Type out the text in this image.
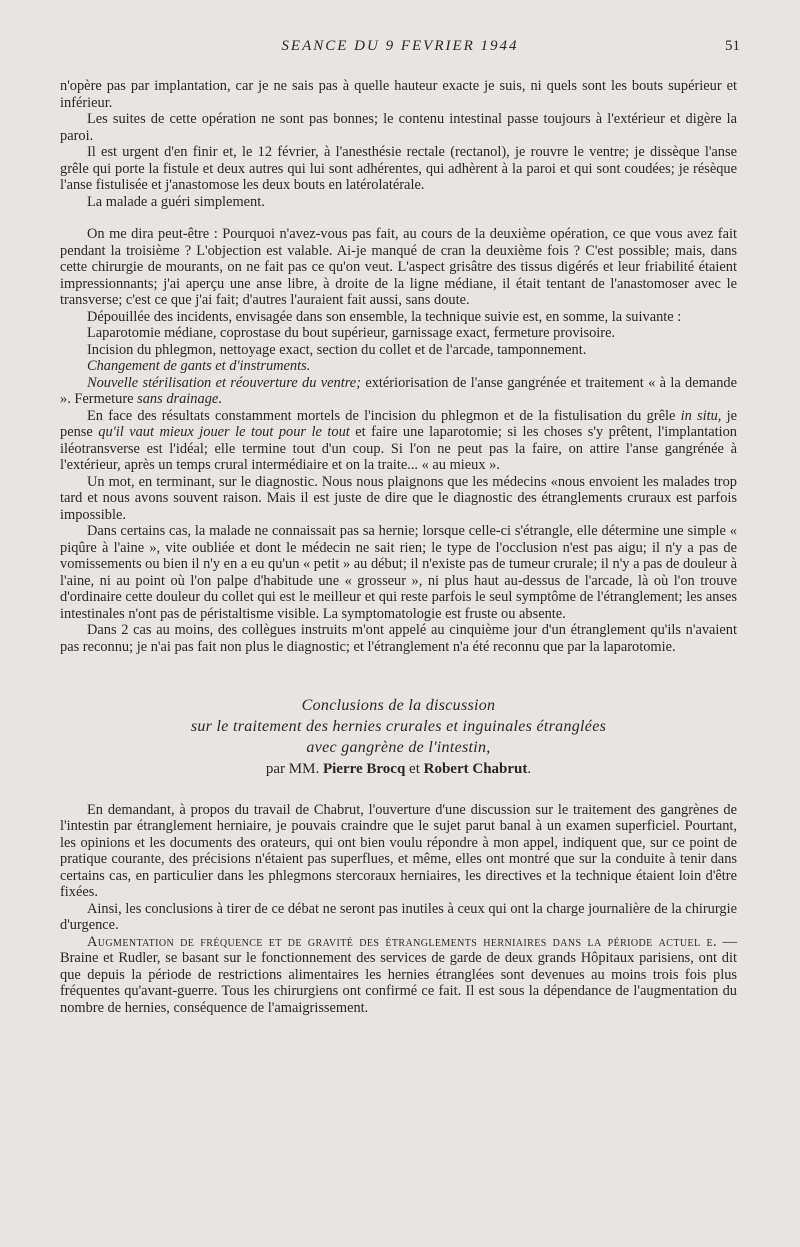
SEANCE DU 9 FEVRIER 1944	51

n'opère pas par implantation, car je ne sais pas à quelle hauteur exacte je suis, ni quels sont les bouts supérieur et inférieur.

Les suites de cette opération ne sont pas bonnes; le contenu intestinal passe toujours à l'extérieur et digère la paroi.

Il est urgent d'en finir et, le 12 février, à l'anesthésie rectale (rectanol), je rouvre le ventre; je dissèque l'anse grêle qui porte la fistule et deux autres qui lui sont adhérentes, qui adhèrent à la paroi et qui sont coudées; je résèque l'anse fistulisée et j'anastomose les deux bouts en latérolatérale.

La malade a guéri simplement.

On me dira peut-être : Pourquoi n'avez-vous pas fait, au cours de la deuxième opération, ce que vous avez fait pendant la troisième ? L'objection est valable. Ai-je manqué de cran la deuxième fois ? C'est possible; mais, dans cette chirurgie de mourants, on ne fait pas ce qu'on veut. L'aspect grisâtre des tissus digérés et leur friabilité étaient impressionnants; j'ai aperçu une anse libre, à droite de la ligne médiane, il était tentant de l'anastomoser avec le transverse; c'est ce que j'ai fait; d'autres l'auraient fait aussi, sans doute.

Dépouillée des incidents, envisagée dans son ensemble, la technique suivie est, en somme, la suivante :

Laparotomie médiane, coprostase du bout supérieur, garnissage exact, fermeture provisoire.

Incision du phlegmon, nettoyage exact, section du collet et de l'arcade, tamponnement.

Changement de gants et d'instruments.

Nouvelle stérilisation et réouverture du ventre; extériorisation de l'anse gangrénée et traitement « à la demande ». Fermeture sans drainage.

En face des résultats constamment mortels de l'incision du phlegmon et de la fistulisation du grêle in situ, je pense qu'il vaut mieux jouer le tout pour le tout et faire une laparotomie; si les choses s'y prêtent, l'implantation iléotransverse est l'idéal; elle termine tout d'un coup. Si l'on ne peut pas la faire, on attire l'anse gangrénée à l'extérieur, après un temps crural intermédiaire et on la traite... « au mieux ».

Un mot, en terminant, sur le diagnostic. Nous nous plaignons que les médecins «nous envoient les malades trop tard et nous avons souvent raison. Mais il est juste de dire que le diagnostic des étranglements cruraux est parfois impossible.

Dans certains cas, la malade ne connaissait pas sa hernie; lorsque celle-ci s'étrangle, elle détermine une simple « piqûre à l'aine », vite oubliée et dont le médecin ne sait rien; le type de l'occlusion n'est pas aigu; il n'y a pas de vomissements ou bien il n'y en a eu qu'un « petit » au début; il n'existe pas de tumeur crurale; il n'y a pas de douleur à l'aine, ni au point où l'on palpe d'habitude une « grosseur », ni plus haut au-dessus de l'arcade, là où l'on trouve d'ordinaire cette douleur du collet qui est le meilleur et qui reste parfois le seul symptôme de l'étranglement; les anses intestinales n'ont pas de péristaltisme visible. La symptomatologie est fruste ou absente.

Dans 2 cas au moins, des collègues instruits m'ont appelé au cinquième jour d'un étranglement qu'ils n'avaient pas reconnu; je n'ai pas fait non plus le diagnostic; et l'étranglement n'a été reconnu que par la laparotomie.

Conclusions de la discussion
sur le traitement des hernies crurales et inguinales étranglées
avec gangrène de l'intestin,
par MM. Pierre Brocq et Robert Chabrut.

En demandant, à propos du travail de Chabrut, l'ouverture d'une discussion sur le traitement des gangrènes de l'intestin par étranglement herniaire, je pouvais craindre que le sujet parut banal à un examen superficiel. Pourtant, les opinions et les documents des orateurs, qui ont bien voulu répondre à mon appel, indiquent que, sur ce point de pratique courante, des précisions n'étaient pas superflues, et même, elles ont montré que sur la conduite à tenir dans certains cas, en particulier dans les phlegmons stercoraux herniaires, les directives et la technique étaient loin d'être fixées.

Ainsi, les conclusions à tirer de ce débat ne seront pas inutiles à ceux qui ont la charge journalière de la chirurgie d'urgence.

Augmentation de fréquence et de gravité des étranglements herniaires dans la période actuel e. — Braine et Rudler, se basant sur le fonctionnement des services de garde de deux grands Hôpitaux parisiens, ont dit que depuis la période de restrictions alimentaires les hernies étranglées sont devenues au moins trois fois plus fréquentes qu'avant-guerre. Tous les chirurgiens ont confirmé ce fait. Il est sous la dépendance de l'augmentation du nombre de hernies, conséquence de l'amaigrissement.
